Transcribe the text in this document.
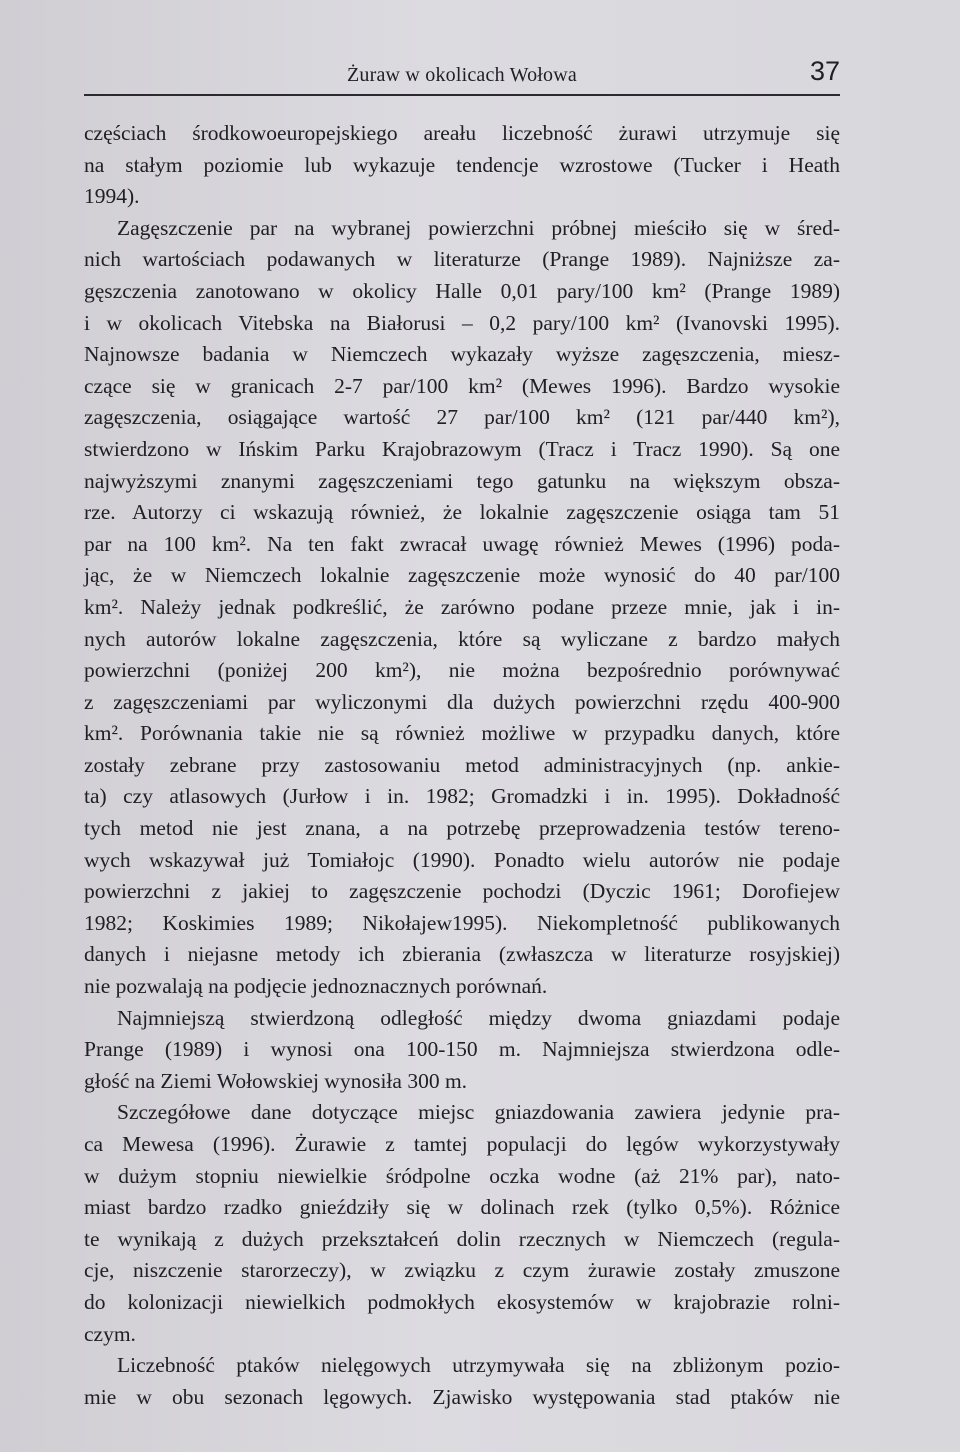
Żuraw w okolicach Wołowa	37
częściach środkowoeuropejskiego areału liczebność żurawi utrzymuje się
na stałym poziomie lub wykazuje tendencje wzrostowe (Tucker i Heath
1994).
Zagęszczenie par na wybranej powierzchni próbnej mieściło się w śred-
nich wartościach podawanych w literaturze (Prange 1989). Najniższe za-
gęszczenia zanotowano w okolicy Halle 0,01 pary/100 km² (Prange 1989)
i w okolicach Vitebska na Białorusi – 0,2 pary/100 km² (Ivanovski 1995).
Najnowsze badania w Niemczech wykazały wyższe zagęszczenia, miesz-
czące się w granicach 2-7 par/100 km² (Mewes 1996). Bardzo wysokie
zagęszczenia, osiągające wartość 27 par/100 km² (121 par/440 km²),
stwierdzono w Ińskim Parku Krajobrazowym (Tracz i Tracz 1990). Są one
najwyższymi znanymi zagęszczeniami tego gatunku na większym obsza-
rze. Autorzy ci wskazują również, że lokalnie zagęszczenie osiąga tam 51
par na 100 km². Na ten fakt zwracał uwagę również Mewes (1996) poda-
jąc, że w Niemczech lokalnie zagęszczenie może wynosić do 40 par/100
km². Należy jednak podkreślić, że zarówno podane przeze mnie, jak i in-
nych autorów lokalne zagęszczenia, które są wyliczane z bardzo małych
powierzchni (poniżej 200 km²), nie można bezpośrednio porównywać
z zagęszczeniami par wyliczonymi dla dużych powierzchni rzędu 400-900
km². Porównania takie nie są również możliwe w przypadku danych, które
zostały zebrane przy zastosowaniu metod administracyjnych (np. ankie-
ta) czy atlasowych (Jurłow i in. 1982; Gromadzki i in. 1995). Dokładność
tych metod nie jest znana, a na potrzebę przeprowadzenia testów tereno-
wych wskazywał już Tomiałojc (1990). Ponadto wielu autorów nie podaje
powierzchni z jakiej to zagęszczenie pochodzi (Dyczic 1961; Dorofiejew
1982; Koskimies 1989; Nikołajew1995). Niekompletność publikowanych
danych i niejasne metody ich zbierania (zwłaszcza w literaturze rosyjskiej)
nie pozwalają na podjęcie jednoznacznych porównań.
Najmniejszą stwierdzoną odległość między dwoma gniazdami podaje
Prange (1989) i wynosi ona 100-150 m. Najmniejsza stwierdzona odle-
głość na Ziemi Wołowskiej wynosiła 300 m.
Szczegółowe dane dotyczące miejsc gniazdowania zawiera jedynie pra-
ca Mewesa (1996). Żurawie z tamtej populacji do lęgów wykorzystywały
w dużym stopniu niewielkie śródpolne oczka wodne (aż 21% par), nato-
miast bardzo rzadko gnieździły się w dolinach rzek (tylko 0,5%). Różnice
te wynikają z dużych przekształceń dolin rzecznych w Niemczech (regula-
cje, niszczenie starorzeczy), w związku z czym żurawie zostały zmuszone
do kolonizacji niewielkich podmokłych ekosystemów w krajobrazie rolni-
czym.
Liczebność ptaków nielęgowych utrzymywała się na zbliżonym pozio-
mie w obu sezonach lęgowych. Zjawisko występowania stad ptaków nie
